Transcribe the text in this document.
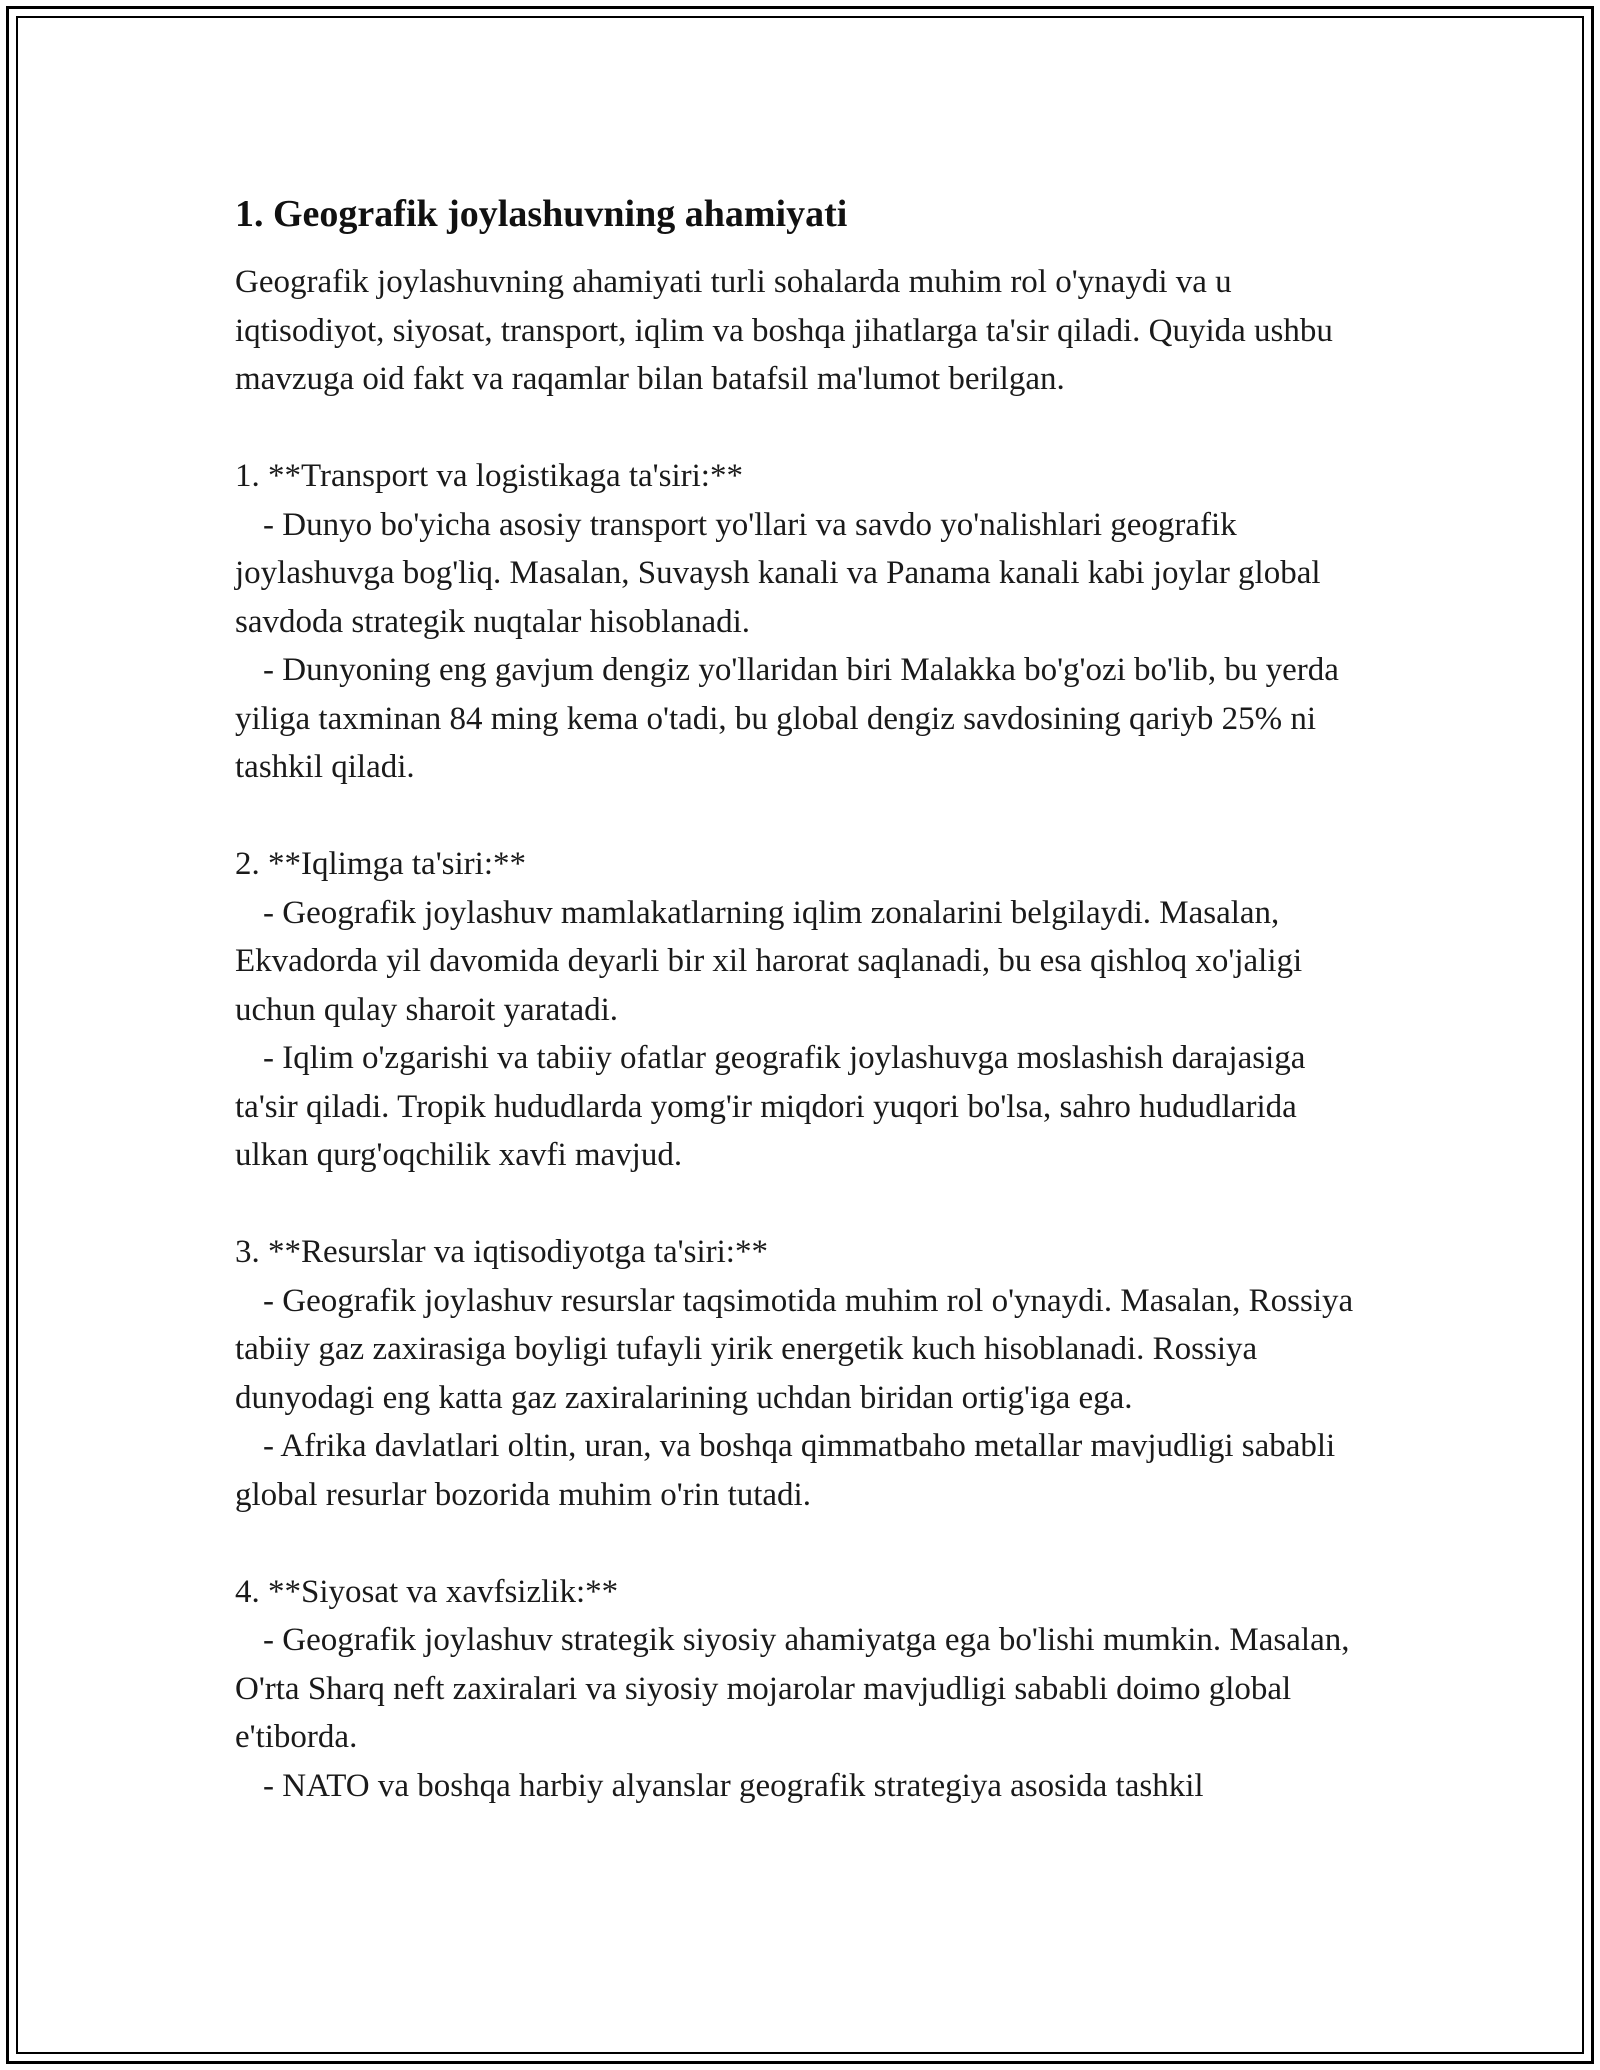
1. Geografik joylashuvning ahamiyati

Geografik joylashuvning ahamiyati turli sohalarda muhim rol o'ynaydi va u iqtisodiyot, siyosat, transport, iqlim va boshqa jihatlarga ta'sir qiladi. Quyida ushbu mavzuga oid fakt va raqamlar bilan batafsil ma'lumot berilgan.

1. **Transport va logistikaga ta'siri:**

- Dunyo bo'yicha asosiy transport yo'llari va savdo yo'nalishlari geografik joylashuvga bog'liq. Masalan, Suvaysh kanali va Panama kanali kabi joylar global savdoda strategik nuqtalar hisoblanadi.

- Dunyoning eng gavjum dengiz yo'llaridan biri Malakka bo'g'ozi bo'lib, bu yerda yiliga taxminan 84 ming kema o'tadi, bu global dengiz savdosining qariyb 25% ni tashkil qiladi.

2. **Iqlimga ta'siri:**

- Geografik joylashuv mamlakatlarning iqlim zonalarini belgilaydi. Masalan, Ekvadorda yil davomida deyarli bir xil harorat saqlanadi, bu esa qishloq xo'jaligi uchun qulay sharoit yaratadi.

- Iqlim o'zgarishi va tabiiy ofatlar geografik joylashuvga moslashish darajasiga ta'sir qiladi. Tropik hududlarda yomg'ir miqdori yuqori bo'lsa, sahro hududlarida ulkan qurg'oqchilik xavfi mavjud.

3. **Resurslar va iqtisodiyotga ta'siri:**

- Geografik joylashuv resurslar taqsimotida muhim rol o'ynaydi. Masalan, Rossiya tabiiy gaz zaxirasiga boyligi tufayli yirik energetik kuch hisoblanadi. Rossiya dunyodagi eng katta gaz zaxiralarining uchdan biridan ortig'iga ega.

- Afrika davlatlari oltin, uran, va boshqa qimmatbaho metallar mavjudligi sababli global resurlar bozorida muhim o'rin tutadi.

4. **Siyosat va xavfsizlik:**

- Geografik joylashuv strategik siyosiy ahamiyatga ega bo'lishi mumkin. Masalan, O'rta Sharq neft zaxiralari va siyosiy mojarolar mavjudligi sababli doimo global e'tiborda.

- NATO va boshqa harbiy alyanslar geografik strategiya asosida tashkil
